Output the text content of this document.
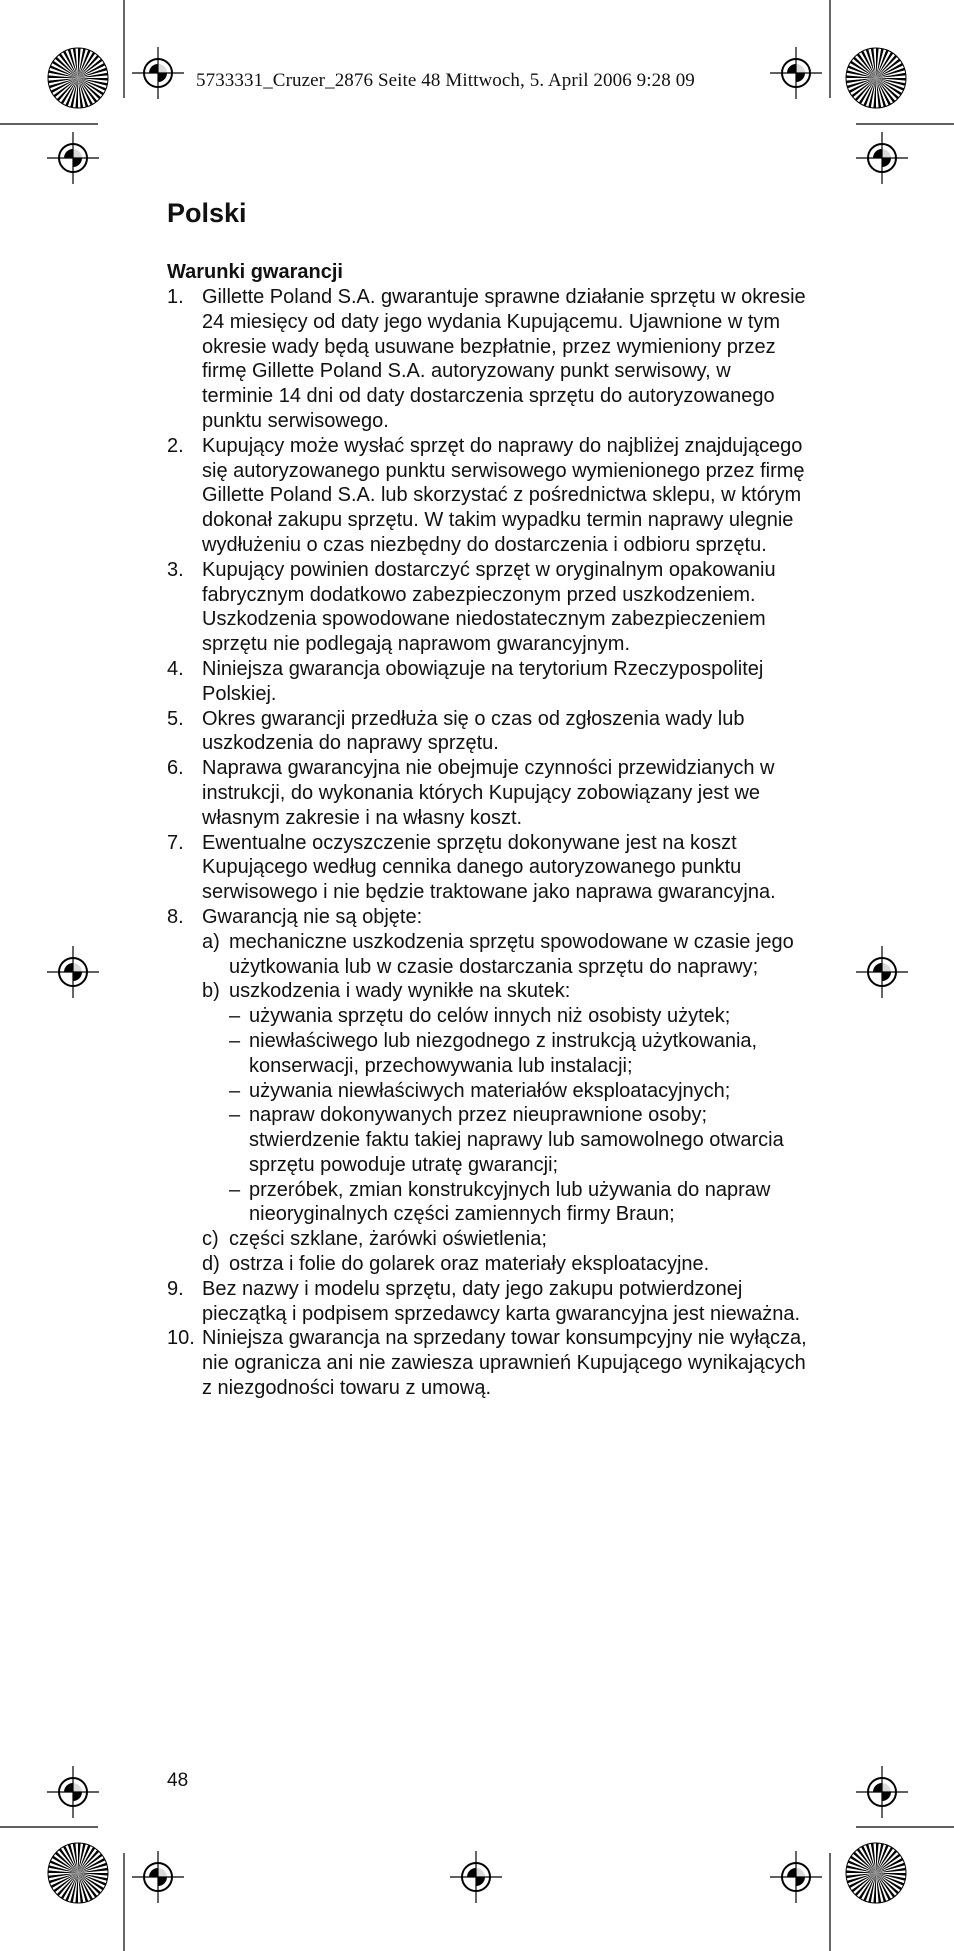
5733331_Cruzer_2876 Seite 48 Mittwoch, 5. April 2006 9:28 09
Polski
Warunki gwarancji
1. Gillette Poland S.A. gwarantuje sprawne działanie sprzętu w okresie 24 miesięcy od daty jego wydania Kupującemu. Ujawnione w tym okresie wady będą usuwane bezpłatnie, przez wymieniony przez firmę Gillette Poland S.A. autoryzowany punkt serwisowy, w terminie 14 dni od daty dostarczenia sprzętu do autoryzowanego punktu serwisowego.
2. Kupujący może wysłać sprzęt do naprawy do najbliżej znajdującego się autoryzowanego punktu serwisowego wymienionego przez firmę Gillette Poland S.A. lub skorzystać z pośrednictwa sklepu, w którym dokonał zakupu sprzętu. W takim wypadku termin naprawy ulegnie wydłużeniu o czas niezbędny do dostarczenia i odbioru sprzętu.
3. Kupujący powinien dostarczyć sprzęt w oryginalnym opakowaniu fabrycznym dodatkowo zabezpieczonym przed uszkodzeniem. Uszkodzenia spowodowane niedostatecznym zabezpieczeniem sprzętu nie podlegają naprawom gwarancyjnym.
4. Niniejsza gwarancja obowiązuje na terytorium Rzeczypospolitej Polskiej.
5. Okres gwarancji przedłuża się o czas od zgłoszenia wady lub uszkodzenia do naprawy sprzętu.
6. Naprawa gwarancyjna nie obejmuje czynności przewidzianych w instrukcji, do wykonania których Kupujący zobowiązany jest we własnym zakresie i na własny koszt.
7. Ewentualne oczyszczenie sprzętu dokonywane jest na koszt Kupującego według cennika danego autoryzowanego punktu serwisowego i nie będzie traktowane jako naprawa gwarancyjna.
8. Gwarancją nie są objęte:
a) mechaniczne uszkodzenia sprzętu spowodowane w czasie jego użytkowania lub w czasie dostarczania sprzętu do naprawy;
b) uszkodzenia i wady wynikłe na skutek:
– używania sprzętu do celów innych niż osobisty użytek;
– niewłaściwego lub niezgodnego z instrukcją użytkowania, konserwacji, przechowywania lub instalacji;
– używania niewłaściwych materiałów eksploatacyjnych;
– napraw dokonywanych przez nieuprawnione osoby; stwierdzenie faktu takiej naprawy lub samowolnego otwarcia sprzętu powoduje utratę gwarancji;
– przeróbek, zmian konstrukcyjnych lub używania do napraw nieoryginalnych części zamiennych firmy Braun;
c) części szklane, żarówki oświetlenia;
d) ostrza i folie do golarek oraz materiały eksploatacyjne.
9. Bez nazwy i modelu sprzętu, daty jego zakupu potwierdzonej pieczątką i podpisem sprzedawcy karta gwarancyjna jest nieważna.
10. Niniejsza gwarancja na sprzedany towar konsumpcyjny nie wyłącza, nie ogranicza ani nie zawiesza uprawnień Kupującego wynikających z niezgodności towaru z umową.
48
